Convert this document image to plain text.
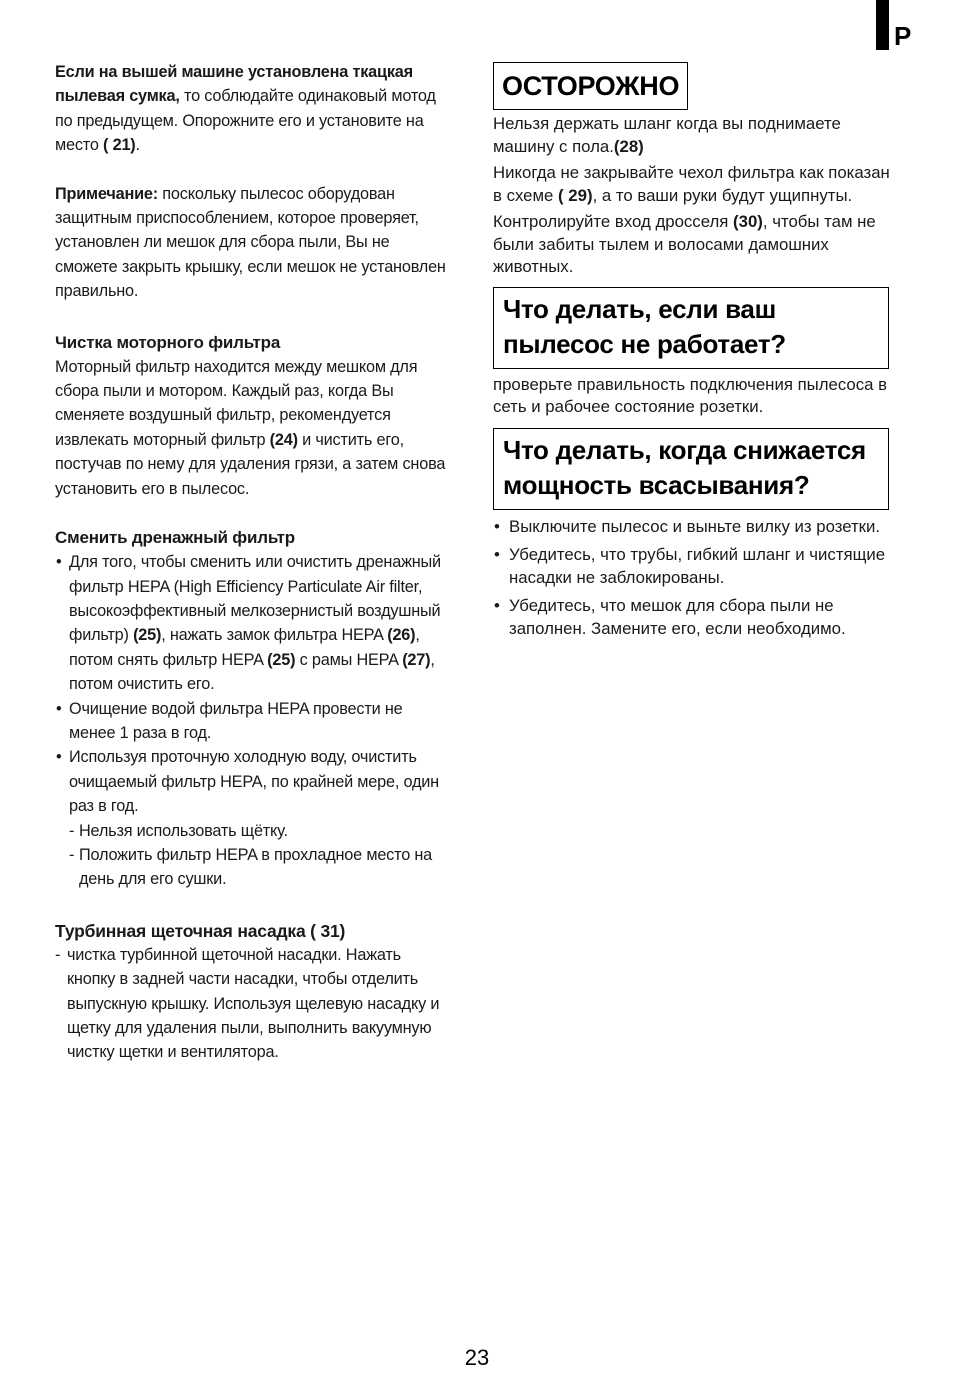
P

Если на вышей машине установлена ткацкая пылевая сумка, то соблюдайте одинаковый мотод по предыдущем. Опорожните его и установите на место ( 21).

Примечание: поскольку пылесос оборудован защитным приспособлением, которое проверяет, установлен ли мешок для сбора пыли, Вы не сможете закрыть крышку, если мешок не установлен правильно.

Чистка моторного фильтра

Моторный фильтр находится между мешком для сбора пыли и мотором. Каждый раз, когда Вы сменяете воздушный фильтр, рекомендуется извлекать моторный фильтр (24) и чистить его, постучав по нему для удаления грязи, а затем снова установить его в пылесос.

Сменить дренажный фильтр
• Для того, чтобы сменить или очистить дренажный фильтр HEPA (High Efficiency Particulate Air filter, высокоэффективный мелкозернистый воздушный фильтр) (25), нажать замок фильтра HEPA (26), потом снять фильтр HEPA (25) с рамы HEPA (27), потом очистить его.
• Очищение водой фильтра HEPA провести не менее 1 раза в год.
• Используя проточную холодную воду, очистить очищаемый фильтр HEPA, по крайней мере, один раз в год.
- Нельзя использовать щётку.
- Положить фильтр HEPA в прохладное место на день для его сушки.
Турбинная щеточная насадка ( 31)
- чистка турбинной щеточной насадки. Нажать кнопку в задней части насадки, чтобы отделить выпускную крышку. Используя щелевую насадку и щетку для удаления пыли, выполнить вакуумную чистку щетки и вентилятора.
ОСТОРОЖНО

Нельзя держать шланг когда вы поднимаете машину с пола.(28)

Никогда не закрывайте чехол фильтра как показан в схеме ( 29), а то ваши руки будут ущипнуты.

Контролируйте вход дросселя (30), чтобы там не были забиты тылем и волосами дамошних животных.

Что делать, если ваш пылесос не работает?

проверьте правильность подключения пылесоса в сеть и рабочее состояние розетки.

Что делать, когда снижается мощность всасывания?
• Выключите пылесос и выньте вилку из розетки.
• Убедитесь, что трубы, гибкий шланг и чистящие насадки не заблокированы.
• Убедитесь, что мешок для сбора пыли не заполнен. Замените его, если необходимо.
23
